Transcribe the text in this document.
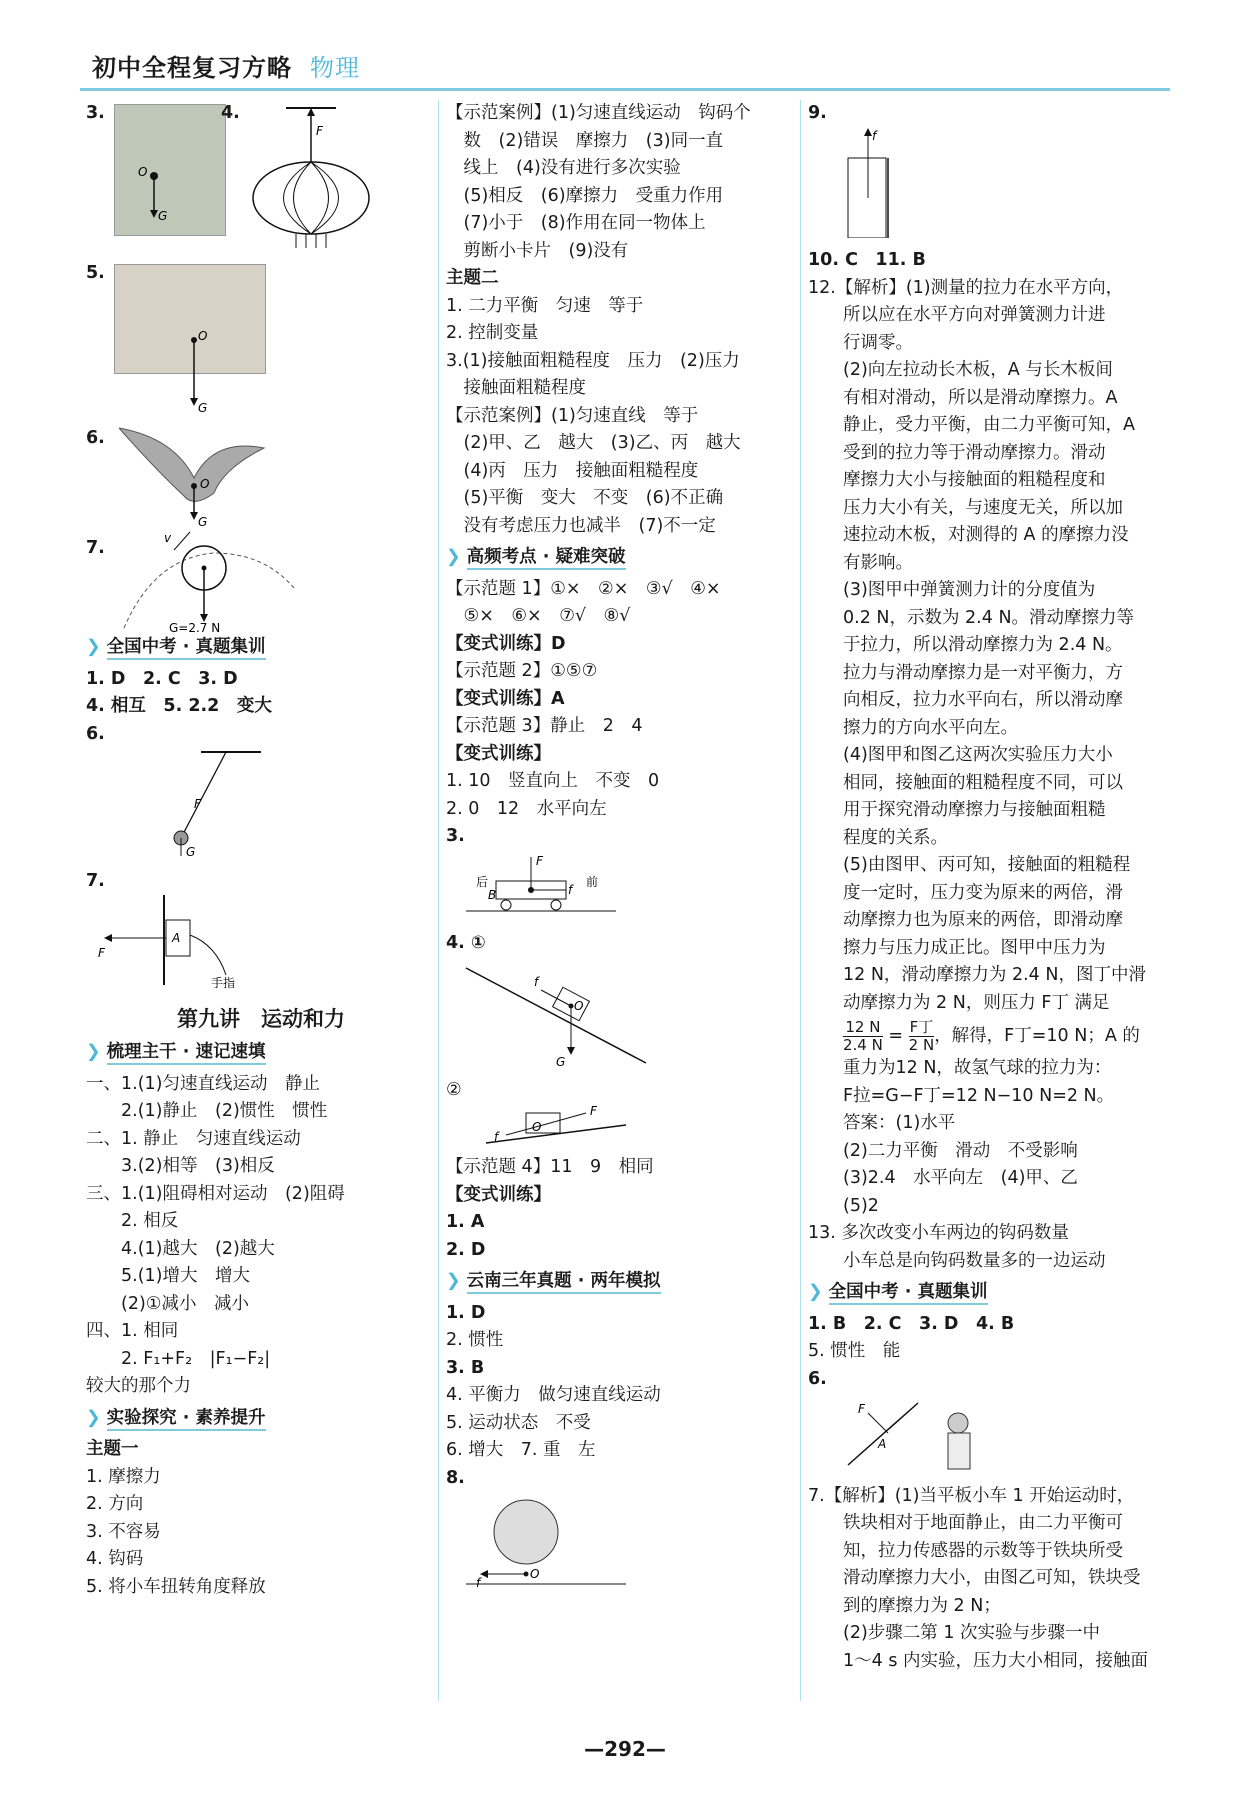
初中全程复习方略 物理
3.
O
G
4.
F
5.
O
G
6.
O
G
7.	v
G=2.7 N
❯ 全国中考 · 真题集训
1. D　2. C　3. D
4. 相互　5. 2.2　变大
6.
F
G
7.
F
A
手指
第九讲　运动和力
❯ 梳理主干 · 速记速填
一、1.(1)匀速直线运动　静止
2.(1)静止　(2)惯性　惯性
二、1. 静止　匀速直线运动
3.(2)相等　(3)相反
三、1.(1)阻碍相对运动　(2)阻碍
2. 相反
4.(1)越大　(2)越大
5.(1)增大　增大
(2)①减小　减小
四、1. 相同
2. F₁+F₂　|F₁−F₂|
较大的那个力
❯ 实验探究 · 素养提升
主题一
1. 摩擦力
2. 方向
3. 不容易
4. 钩码
5. 将小车扭转角度释放
【示范案例】(1)匀速直线运动　钩码个
数　(2)错误　摩擦力　(3)同一直
线上　(4)没有进行多次实验
(5)相反　(6)摩擦力　受重力作用
(7)小于　(8)作用在同一物体上
剪断小卡片　(9)没有
主题二
1. 二力平衡　匀速　等于
2. 控制变量
3.(1)接触面粗糙程度　压力　(2)压力
接触面粗糙程度
【示范案例】(1)匀速直线　等于
(2)甲、乙　越大　(3)乙、丙　越大
(4)丙　压力　接触面粗糙程度
(5)平衡　变大　不变　(6)不正确
没有考虑压力也减半　(7)不一定
❯ 高频考点 · 疑难突破
【示范题 1】①×　②×　③√　④×
⑤×　⑥×　⑦√　⑧√
【变式训练】D
【示范题 2】①⑤⑦
【变式训练】A
【示范题 3】静止　2　4
【变式训练】
1. 10　竖直向上　不变　0
2. 0　12　水平向左
3.
后	前
B
F
f
4. ①
f
O
G
②
F
f
O
【示范题 4】11　9　相同
【变式训练】
1. A
2. D
❯ 云南三年真题 · 两年模拟
1. D
2. 惯性
3. B
4. 平衡力　做匀速直线运动
5. 运动状态　不受
6. 增大　7. 重　左
8.
f
O
9.
f
10. C　11. B
12.【解析】(1)测量的拉力在水平方向，
所以应在水平方向对弹簧测力计进
行调零。
(2)向左拉动长木板，A 与长木板间
有相对滑动，所以是滑动摩擦力。A
静止，受力平衡，由二力平衡可知，A
受到的拉力等于滑动摩擦力。滑动
摩擦力大小与接触面的粗糙程度和
压力大小有关，与速度无关，所以加
速拉动木板，对测得的 A 的摩擦力没
有影响。
(3)图甲中弹簧测力计的分度值为
0.2 N，示数为 2.4 N。滑动摩擦力等
于拉力，所以滑动摩擦力为 2.4 N。
拉力与滑动摩擦力是一对平衡力，方
向相反，拉力水平向右，所以滑动摩
擦力的方向水平向左。
(4)图甲和图乙这两次实验压力大小
相同，接触面的粗糙程度不同，可以
用于探究滑动摩擦力与接触面粗糙
程度的关系。
(5)由图甲、丙可知，接触面的粗糙程
度一定时，压力变为原来的两倍，滑
动摩擦力也为原来的两倍，即滑动摩
擦力与压力成正比。图甲中压力为
12 N，滑动摩擦力为 2.4 N，图丁中滑
动摩擦力为 2 N，则压力 F丁 满足
$\frac{12 N}{2.4 N} = \frac{\text{F丁}}{2 N}$ ，解得，F丁=10 N；A 的
重力为12 N，故氢气球的拉力为：
F拉=G−F丁=12 N−10 N=2 N。
答案：(1)水平
(2)二力平衡　滑动　不受影响
(3)2.4　水平向左　(4)甲、乙
(5)2
13. 多次改变小车两边的钩码数量
小车总是向钩码数量多的一边运动
❯ 全国中考 · 真题集训
1. B　2. C　3. D　4. B
5. 惯性　能
6.
F
A
7.【解析】(1)当平板小车 1 开始运动时，
铁块相对于地面静止，由二力平衡可
知，拉力传感器的示数等于铁块所受
滑动摩擦力大小，由图乙可知，铁块受
到的摩擦力为 2 N；
(2)步骤二第 1 次实验与步骤一中
1～4 s 内实验，压力大小相同，接触面
—292—
